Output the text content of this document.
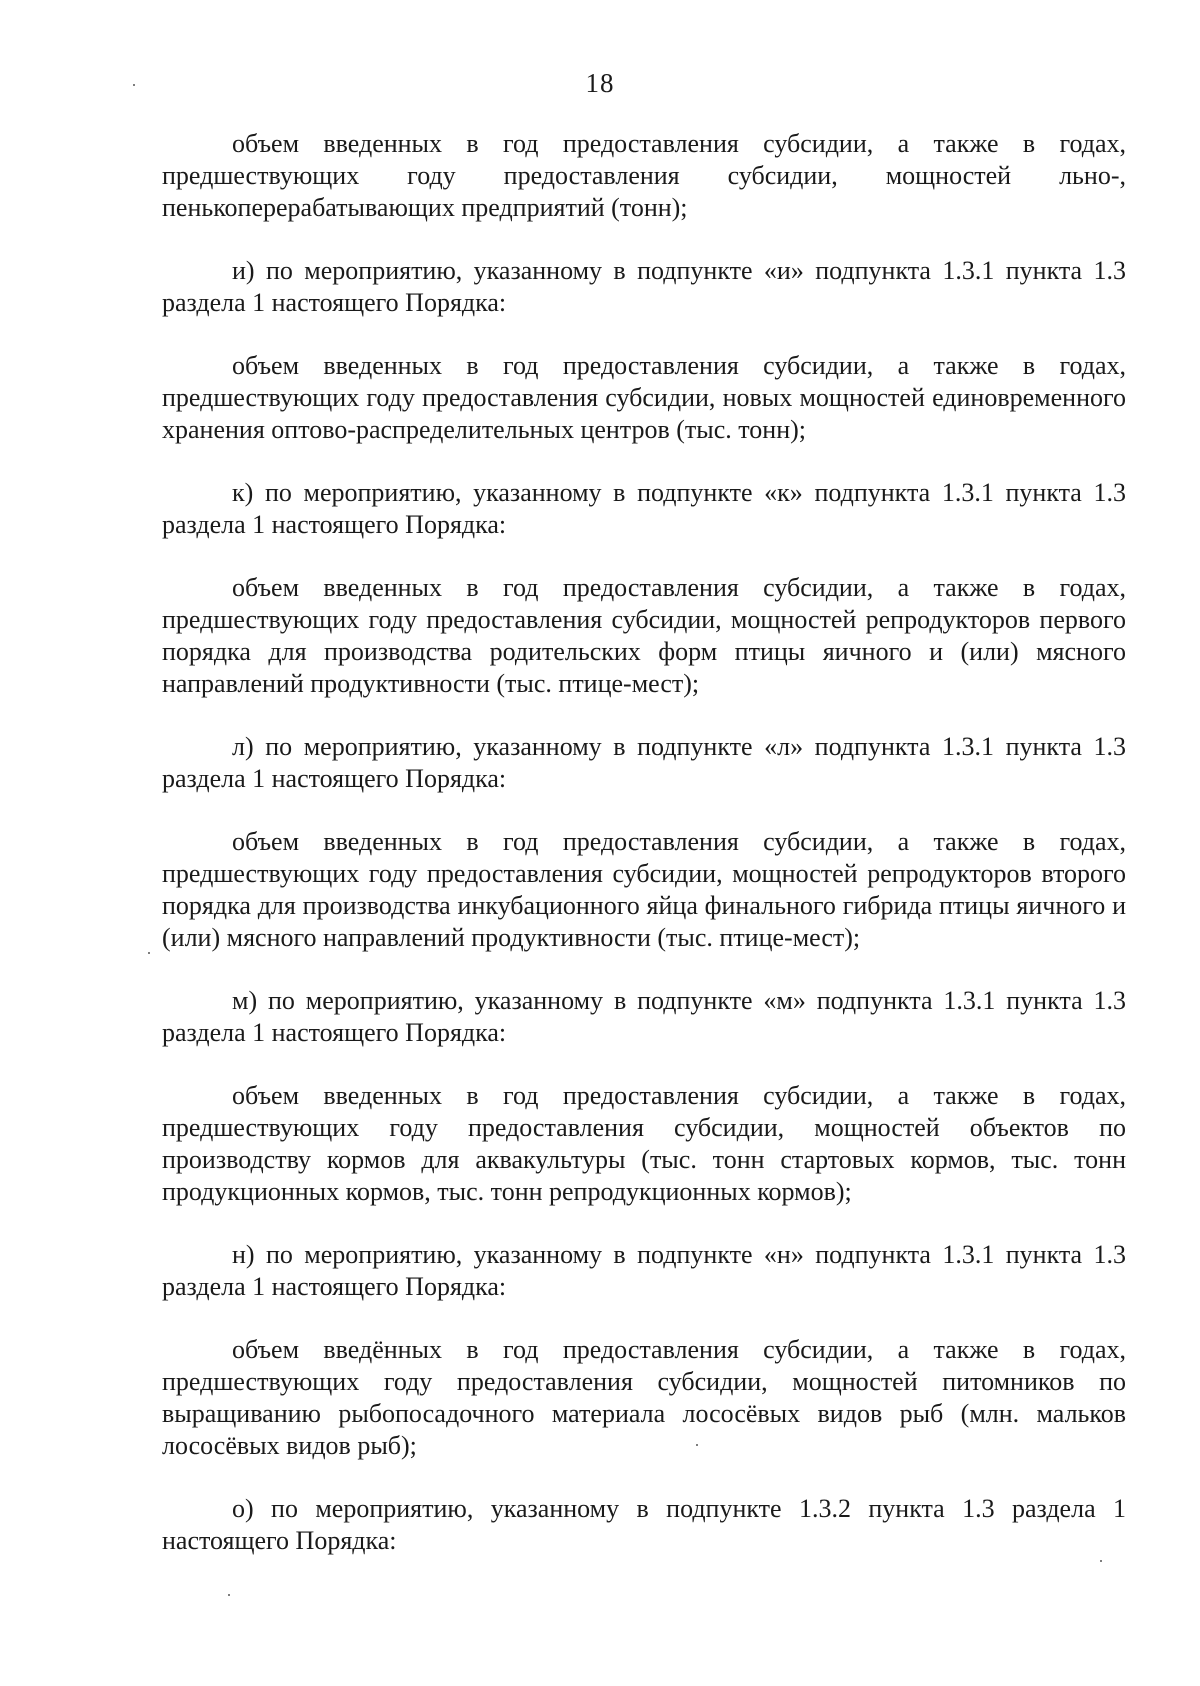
18

объем введенных в год предоставления субсидии, а также в годах, предшествующих году предоставления субсидии, мощностей льно-, пенькоперерабатывающих предприятий (тонн);

и) по мероприятию, указанному в подпункте «и» подпункта 1.3.1 пункта 1.3 раздела 1 настоящего Порядка:

объем введенных в год предоставления субсидии, а также в годах, предшествующих году предоставления субсидии, новых мощностей единовременного хранения оптово-распределительных центров (тыс. тонн);

к) по мероприятию, указанному в подпункте «к» подпункта 1.3.1 пункта 1.3 раздела 1 настоящего Порядка:

объем введенных в год предоставления субсидии, а также в годах, предшествующих году предоставления субсидии, мощностей репродукторов первого порядка для производства родительских форм птицы яичного и (или) мясного направлений продуктивности (тыс. птице-мест);

л) по мероприятию, указанному в подпункте «л» подпункта 1.3.1 пункта 1.3 раздела 1 настоящего Порядка:

объем введенных в год предоставления субсидии, а также в годах, предшествующих году предоставления субсидии, мощностей репродукторов второго порядка для производства инкубационного яйца финального гибрида птицы яичного и (или) мясного направлений продуктивности (тыс. птице-мест);

м) по мероприятию, указанному в подпункте «м» подпункта 1.3.1 пункта 1.3 раздела 1 настоящего Порядка:

объем введенных в год предоставления субсидии, а также в годах, предшествующих году предоставления субсидии, мощностей объектов по производству кормов для аквакультуры (тыс. тонн стартовых кормов, тыс. тонн продукционных кормов, тыс. тонн репродукционных кормов);

н) по мероприятию, указанному в подпункте «н» подпункта 1.3.1 пункта 1.3 раздела 1 настоящего Порядка:

объем введённых в год предоставления субсидии, а также в годах, предшествующих году предоставления субсидии, мощностей питомников по выращиванию рыбопосадочного материала лососёвых видов рыб (млн. мальков лососёвых видов рыб);

о) по мероприятию, указанному в подпункте 1.3.2 пункта 1.3 раздела 1 настоящего Порядка:
